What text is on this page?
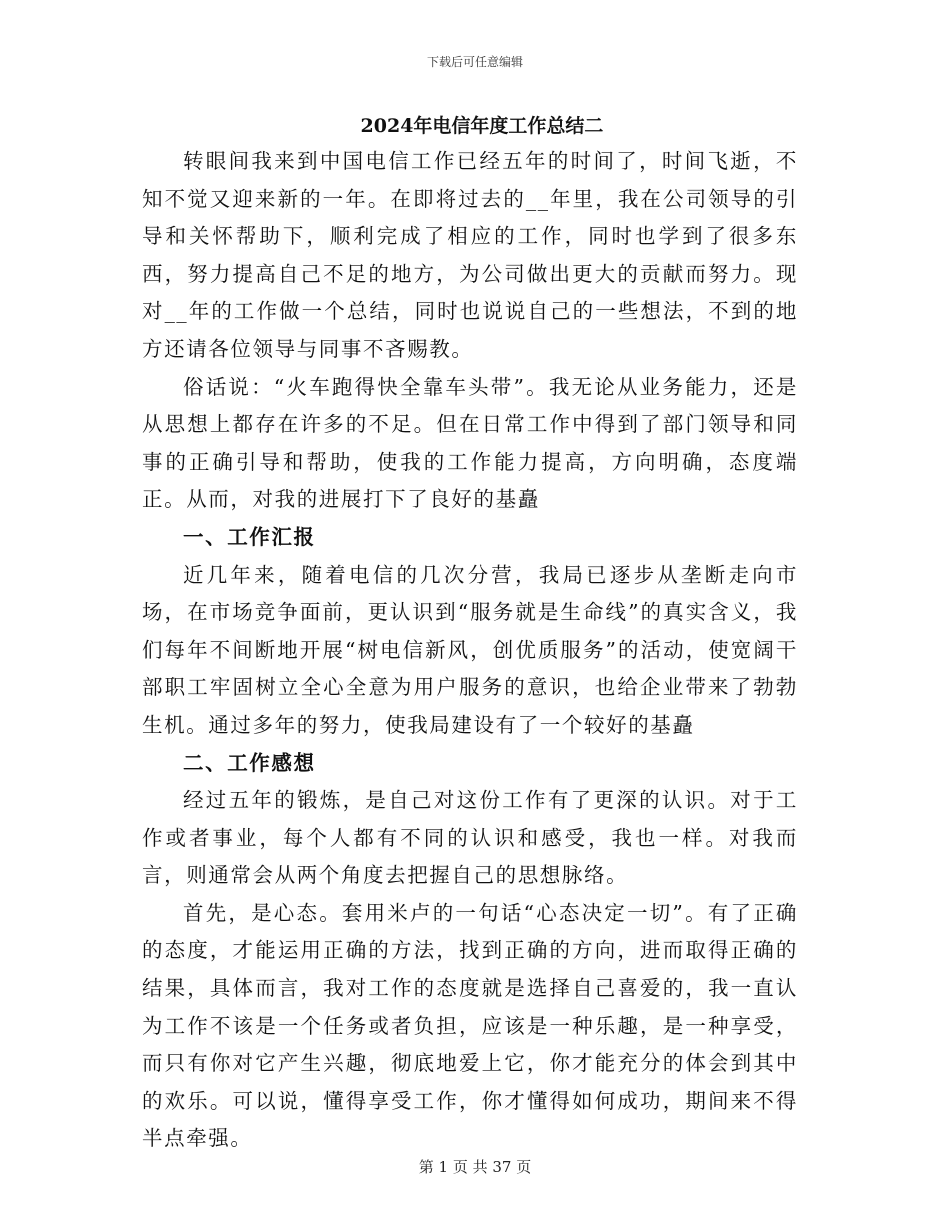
下载后可任意编辑
2024年电信年度工作总结二

转眼间我来到中国电信工作已经五年的时间了，时间飞逝，不知不觉又迎来新的一年。在即将过去的__年里，我在公司领导的引导和关怀帮助下，顺利完成了相应的工作，同时也学到了很多东西，努力提高自己不足的地方，为公司做出更大的贡献而努力。现对__年的工作做一个总结，同时也说说自己的一些想法，不到的地方还请各位领导与同事不吝赐教。

俗话说：“火车跑得快全靠车头带”。我无论从业务能力，还是从思想上都存在许多的不足。但在日常工作中得到了部门领导和同事的正确引导和帮助，使我的工作能力提高，方向明确，态度端正。从而，对我的进展打下了良好的基矗

一、工作汇报

近几年来，随着电信的几次分营，我局已逐步从垄断走向市场，在市场竞争面前，更认识到“服务就是生命线”的真实含义，我们每年不间断地开展“树电信新风，创优质服务”的活动，使宽阔干部职工牢固树立全心全意为用户服务的意识，也给企业带来了勃勃生机。通过多年的努力，使我局建设有了一个较好的基矗

二、工作感想

经过五年的锻炼，是自己对这份工作有了更深的认识。对于工作或者事业，每个人都有不同的认识和感受，我也一样。对我而言，则通常会从两个角度去把握自己的思想脉络。

首先，是心态。套用米卢的一句话“心态决定一切”。有了正确的态度，才能运用正确的方法，找到正确的方向，进而取得正确的结果，具体而言，我对工作的态度就是选择自己喜爱的，我一直认为工作不该是一个任务或者负担，应该是一种乐趣，是一种享受，而只有你对它产生兴趣，彻底地爱上它，你才能充分的体会到其中的欢乐。可以说，懂得享受工作，你才懂得如何成功，期间来不得半点牵强。

第 1 页 共 37 页
